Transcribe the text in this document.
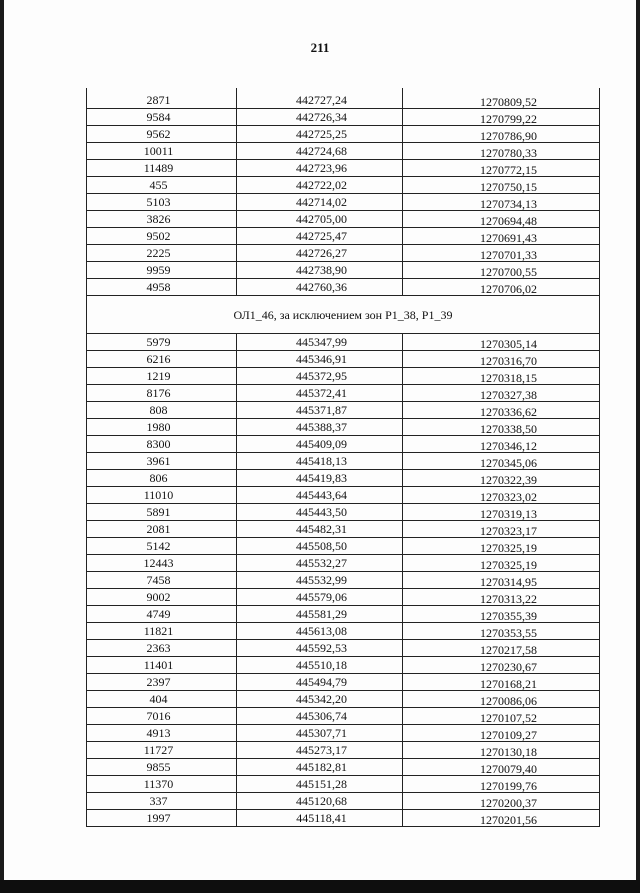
211
2871	442727,24	1270809,52
9584	442726,34	1270799,22
9562	442725,25	1270786,90
10011	442724,68	1270780,33
11489	442723,96	1270772,15
455	442722,02	1270750,15
5103	442714,02	1270734,13
3826	442705,00	1270694,48
9502	442725,47	1270691,43
2225	442726,27	1270701,33
9959	442738,90	1270700,55
4958	442760,36	1270706,02
ОЛ1_46, за исключением зон Р1_38, Р1_39
5979	445347,99	1270305,14
6216	445346,91	1270316,70
1219	445372,95	1270318,15
8176	445372,41	1270327,38
808	445371,87	1270336,62
1980	445388,37	1270338,50
8300	445409,09	1270346,12
3961	445418,13	1270345,06
806	445419,83	1270322,39
11010	445443,64	1270323,02
5891	445443,50	1270319,13
2081	445482,31	1270323,17
5142	445508,50	1270325,19
12443	445532,27	1270325,19
7458	445532,99	1270314,95
9002	445579,06	1270313,22
4749	445581,29	1270355,39
11821	445613,08	1270353,55
2363	445592,53	1270217,58
11401	445510,18	1270230,67
2397	445494,79	1270168,21
404	445342,20	1270086,06
7016	445306,74	1270107,52
4913	445307,71	1270109,27
11727	445273,17	1270130,18
9855	445182,81	1270079,40
11370	445151,28	1270199,76
337	445120,68	1270200,37
1997	445118,41	1270201,56
